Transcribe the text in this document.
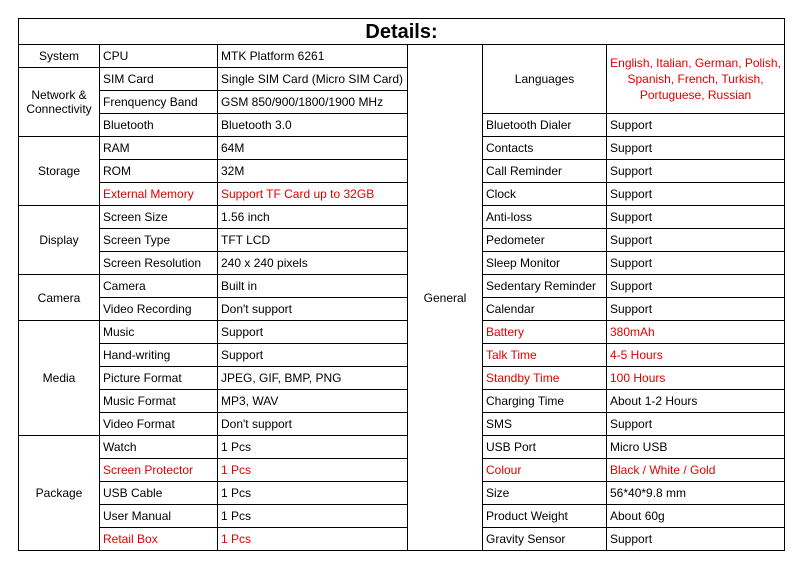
Details:					
System	CPU	MTK Platform 6261	General	Languages	English, Italian, German, Polish, Spanish, French, Turkish, Portuguese, Russian
Network & Connectivity	SIM Card	Single SIM Card (Micro SIM Card)			
	Frenquency Band	GSM 850/900/1800/1900 MHz			
	Bluetooth	Bluetooth 3.0		Bluetooth Dialer	Support
Storage	RAM	64M		Contacts	Support
	ROM	32M		Call Reminder	Support
	External Memory	Support TF Card up to 32GB		Clock	Support
Display	Screen Size	1.56 inch		Anti-loss	Support
	Screen Type	TFT LCD		Pedometer	Support
	Screen Resolution	240 x 240 pixels		Sleep Monitor	Support
Camera	Camera	Built in		Sedentary Reminder	Support
	Video Recording	Don't support		Calendar	Support
Media	Music	Support		Battery	380mAh
	Hand-writing	Support		Talk Time	4-5 Hours
	Picture Format	JPEG, GIF, BMP, PNG		Standby Time	100 Hours
	Music Format	MP3, WAV		Charging Time	About 1-2 Hours
	Video Format	Don't support		SMS	Support
Package	Watch	1 Pcs		USB Port	Micro USB
	Screen Protector	1 Pcs		Colour	Black / White / Gold
	USB Cable	1 Pcs		Size	56*40*9.8 mm
	User Manual	1 Pcs		Product Weight	About 60g
	Retail Box	1 Pcs		Gravity Sensor	Support
